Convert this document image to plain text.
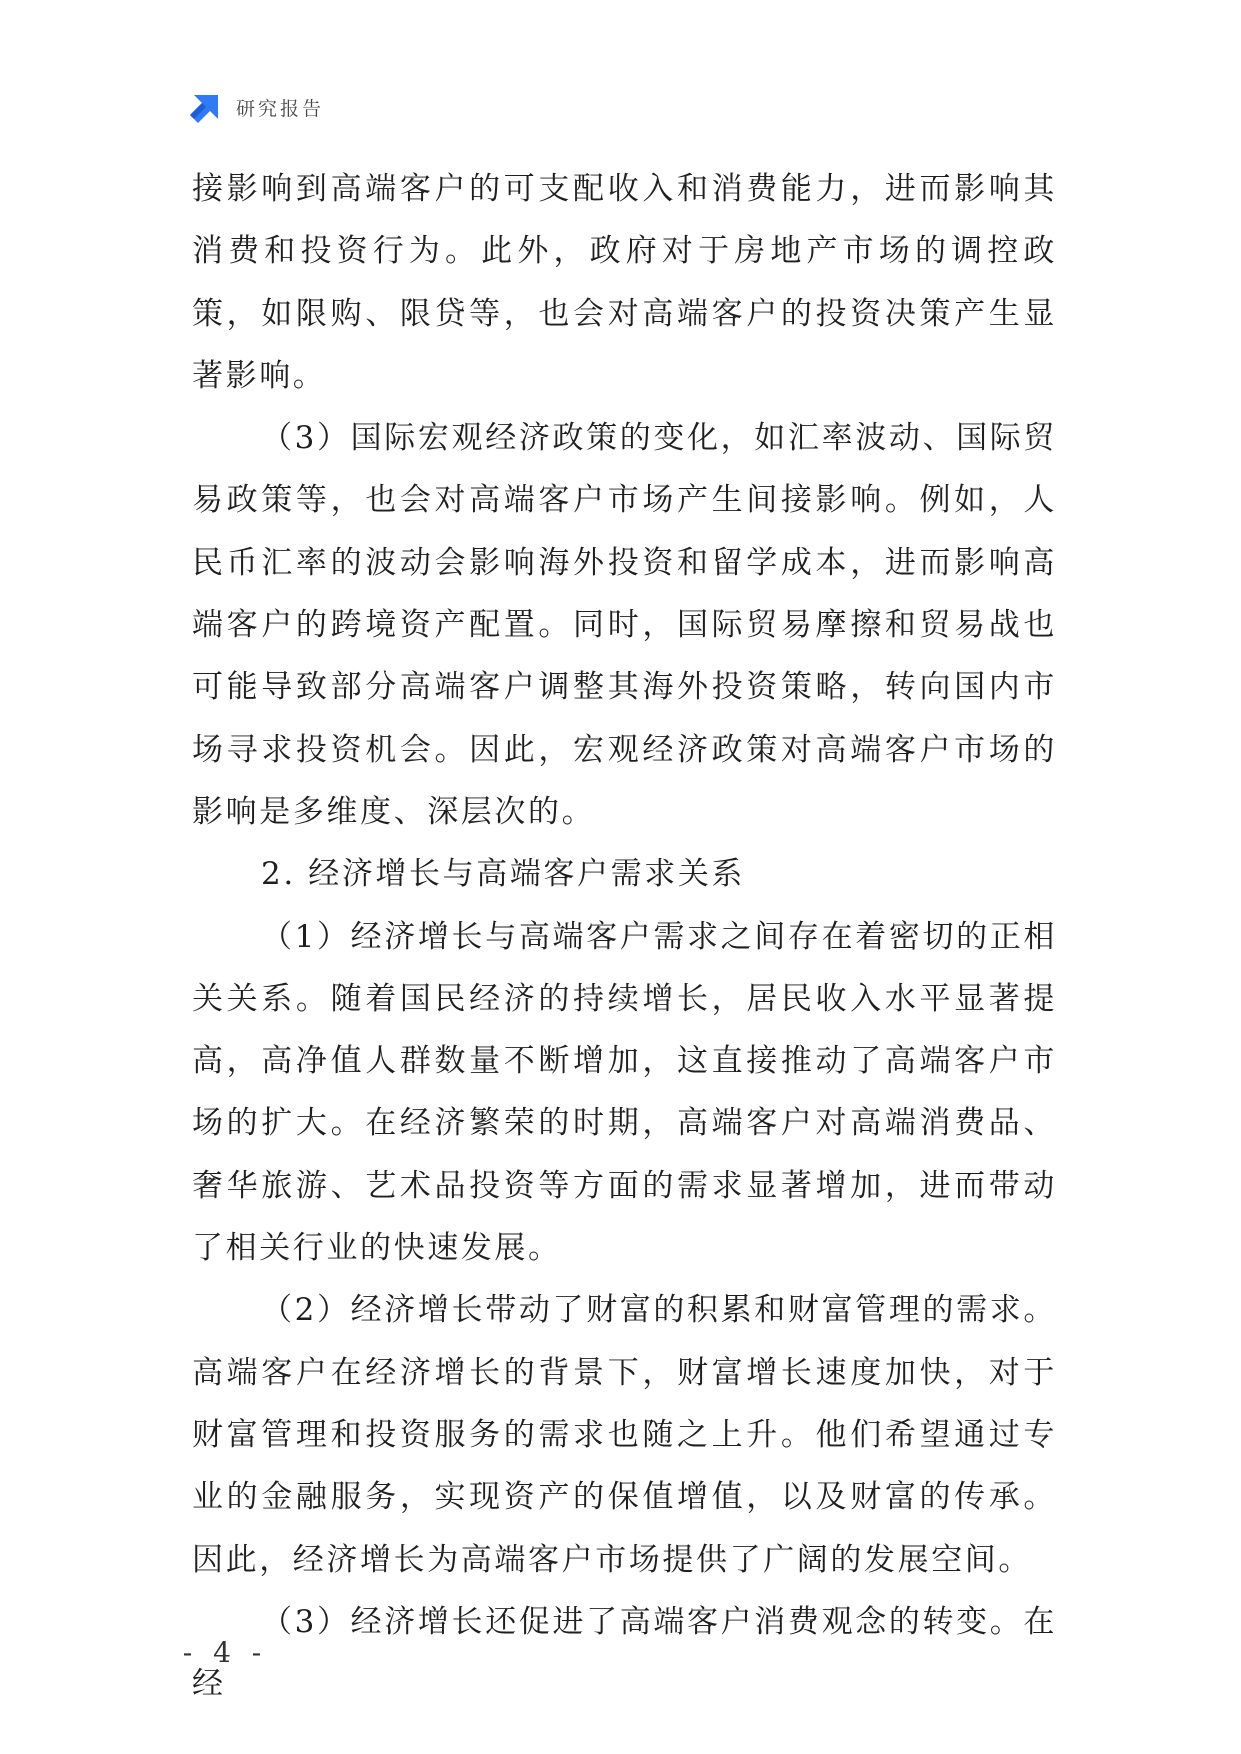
研究报告

接影响到高端客户的可支配收入和消费能力，进而影响其消费和投资行为。此外，政府对于房地产市场的调控政策，如限购、限贷等，也会对高端客户的投资决策产生显著影响。

（3）国际宏观经济政策的变化，如汇率波动、国际贸易政策等，也会对高端客户市场产生间接影响。例如，人民币汇率的波动会影响海外投资和留学成本，进而影响高端客户的跨境资产配置。同时，国际贸易摩擦和贸易战也可能导致部分高端客户调整其海外投资策略，转向国内市场寻求投资机会。因此，宏观经济政策对高端客户市场的影响是多维度、深层次的。

2. 经济增长与高端客户需求关系

（1）经济增长与高端客户需求之间存在着密切的正相关关系。随着国民经济的持续增长，居民收入水平显著提高，高净值人群数量不断增加，这直接推动了高端客户市场的扩大。在经济繁荣的时期，高端客户对高端消费品、奢华旅游、艺术品投资等方面的需求显著增加，进而带动了相关行业的快速发展。

（2）经济增长带动了财富的积累和财富管理的需求。高端客户在经济增长的背景下，财富增长速度加快，对于财富管理和投资服务的需求也随之上升。他们希望通过专业的金融服务，实现资产的保值增值，以及财富的传承。因此，经济增长为高端客户市场提供了广阔的发展空间。

（3）经济增长还促进了高端客户消费观念的转变。在经

- 4 -
